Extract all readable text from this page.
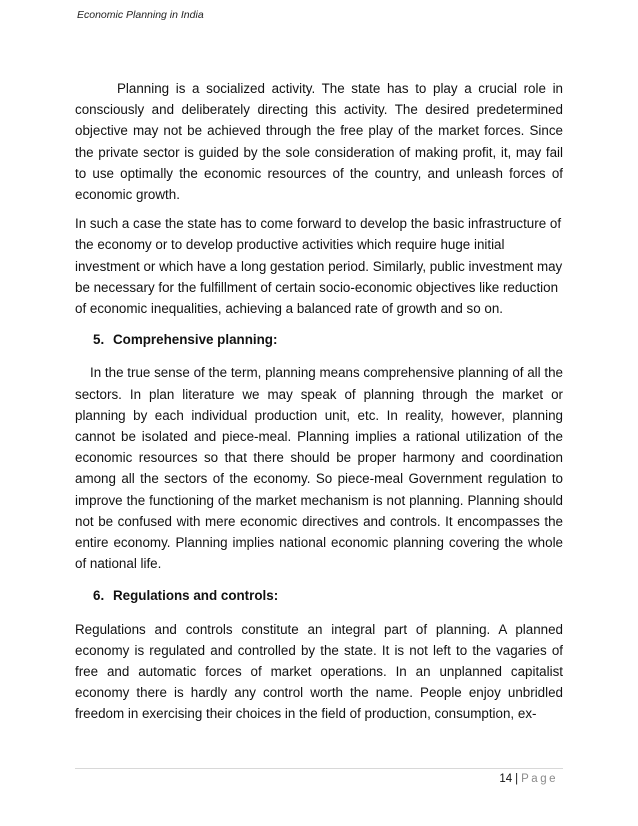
Economic Planning in India

Planning is a socialized activity. The state has to play a crucial role in consciously and deliberately directing this activity. The desired predetermined objective may not be achieved through the free play of the market forces. Since the private sector is guided by the sole consideration of making profit, it, may fail to use optimally the economic resources of the country, and unleash forces of economic growth.

In such a case the state has to come forward to develop the basic infrastructure of the economy or to develop productive activities which require huge initial investment or which have a long gestation period. Similarly, public investment may be necessary for the fulfillment of certain socio-economic objectives like reduction of economic inequalities, achieving a balanced rate of growth and so on.

5. Comprehensive planning:

In the true sense of the term, planning means comprehensive planning of all the sectors. In plan literature we may speak of planning through the market or planning by each individual production unit, etc. In reality, however, planning cannot be isolated and piece-meal. Planning implies a rational utilization of the economic resources so that there should be proper harmony and coordination among all the sectors of the economy. So piece-meal Government regulation to improve the functioning of the market mechanism is not planning. Planning should not be confused with mere economic directives and controls. It encompasses the entire economy. Planning implies national economic planning covering the whole of national life.

6. Regulations and controls:

Regulations and controls constitute an integral part of planning. A planned economy is regulated and controlled by the state. It is not left to the vagaries of free and automatic forces of market operations. In an unplanned capitalist economy there is hardly any control worth the name. People enjoy unbridled freedom in exercising their choices in the field of production, consumption, ex-

14 | Page
